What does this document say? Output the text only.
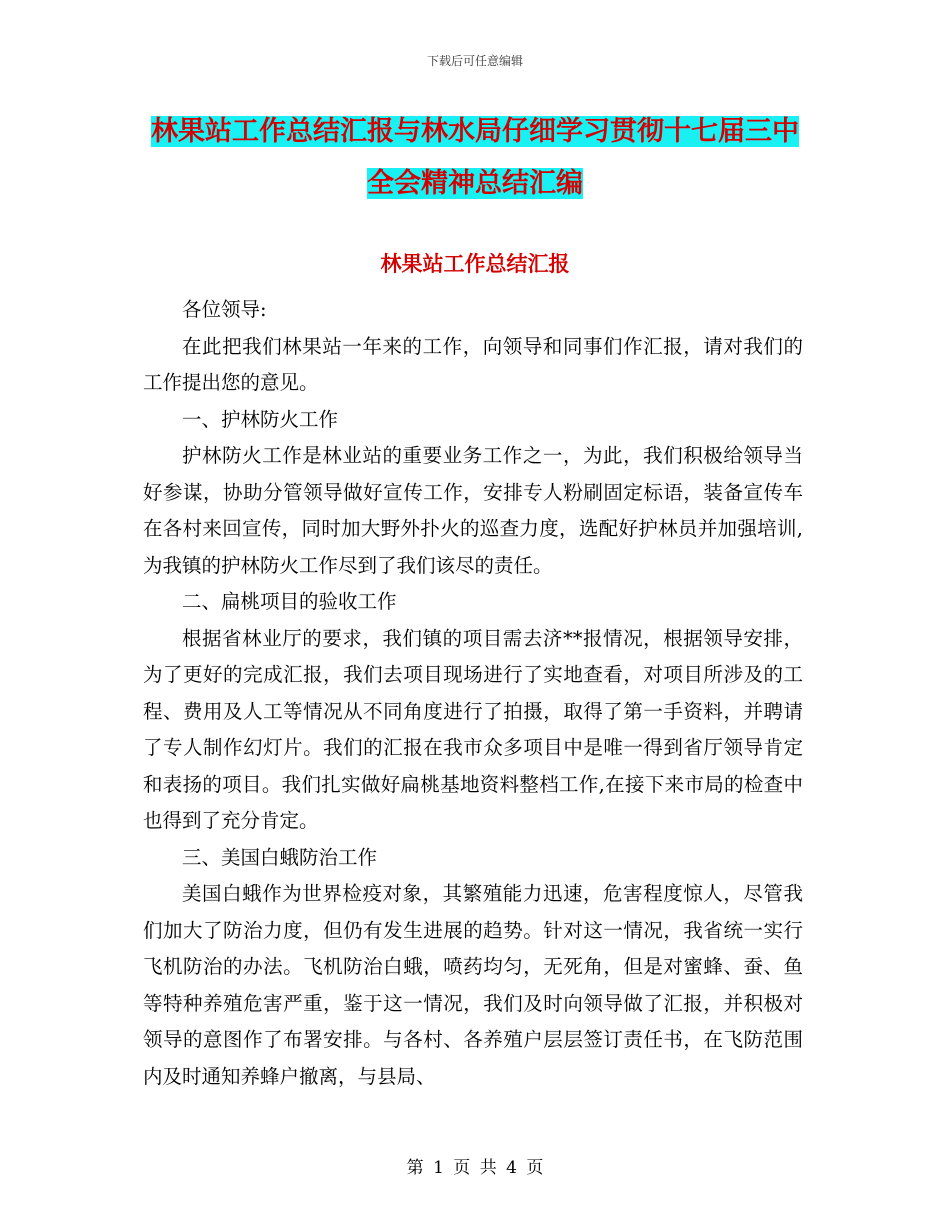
下载后可任意编辑
林果站工作总结汇报与林水局仔细学习贯彻十七届三中全会精神总结汇编
林果站工作总结汇报

各位领导:

在此把我们林果站一年来的工作，向领导和同事们作汇报，请对我们的工作提出您的意见。

一、护林防火工作

护林防火工作是林业站的重要业务工作之一，为此，我们积极给领导当好参谋，协助分管领导做好宣传工作，安排专人粉刷固定标语，装备宣传车在各村来回宣传，同时加大野外扑火的巡查力度，选配好护林员并加强培训,为我镇的护林防火工作尽到了我们该尽的责任。

二、扁桃项目的验收工作

根据省林业厅的要求，我们镇的项目需去济**报情况，根据领导安排，为了更好的完成汇报，我们去项目现场进行了实地查看，对项目所涉及的工程、费用及人工等情况从不同角度进行了拍摄，取得了第一手资料，并聘请了专人制作幻灯片。我们的汇报在我市众多项目中是唯一得到省厅领导肯定和表扬的项目。我们扎实做好扁桃基地资料整档工作,在接下来市局的检查中也得到了充分肯定。

三、美国白蛾防治工作

美国白蛾作为世界检疫对象，其繁殖能力迅速，危害程度惊人，尽管我们加大了防治力度，但仍有发生进展的趋势。针对这一情况，我省统一实行飞机防治的办法。飞机防治白蛾，喷药均匀，无死角，但是对蜜蜂、蚕、鱼等特种养殖危害严重，鉴于这一情况，我们及时向领导做了汇报，并积极对领导的意图作了布署安排。与各村、各养殖户层层签订责任书，在飞防范围内及时通知养蜂户撤离，与县局、

第 1 页 共 4 页
